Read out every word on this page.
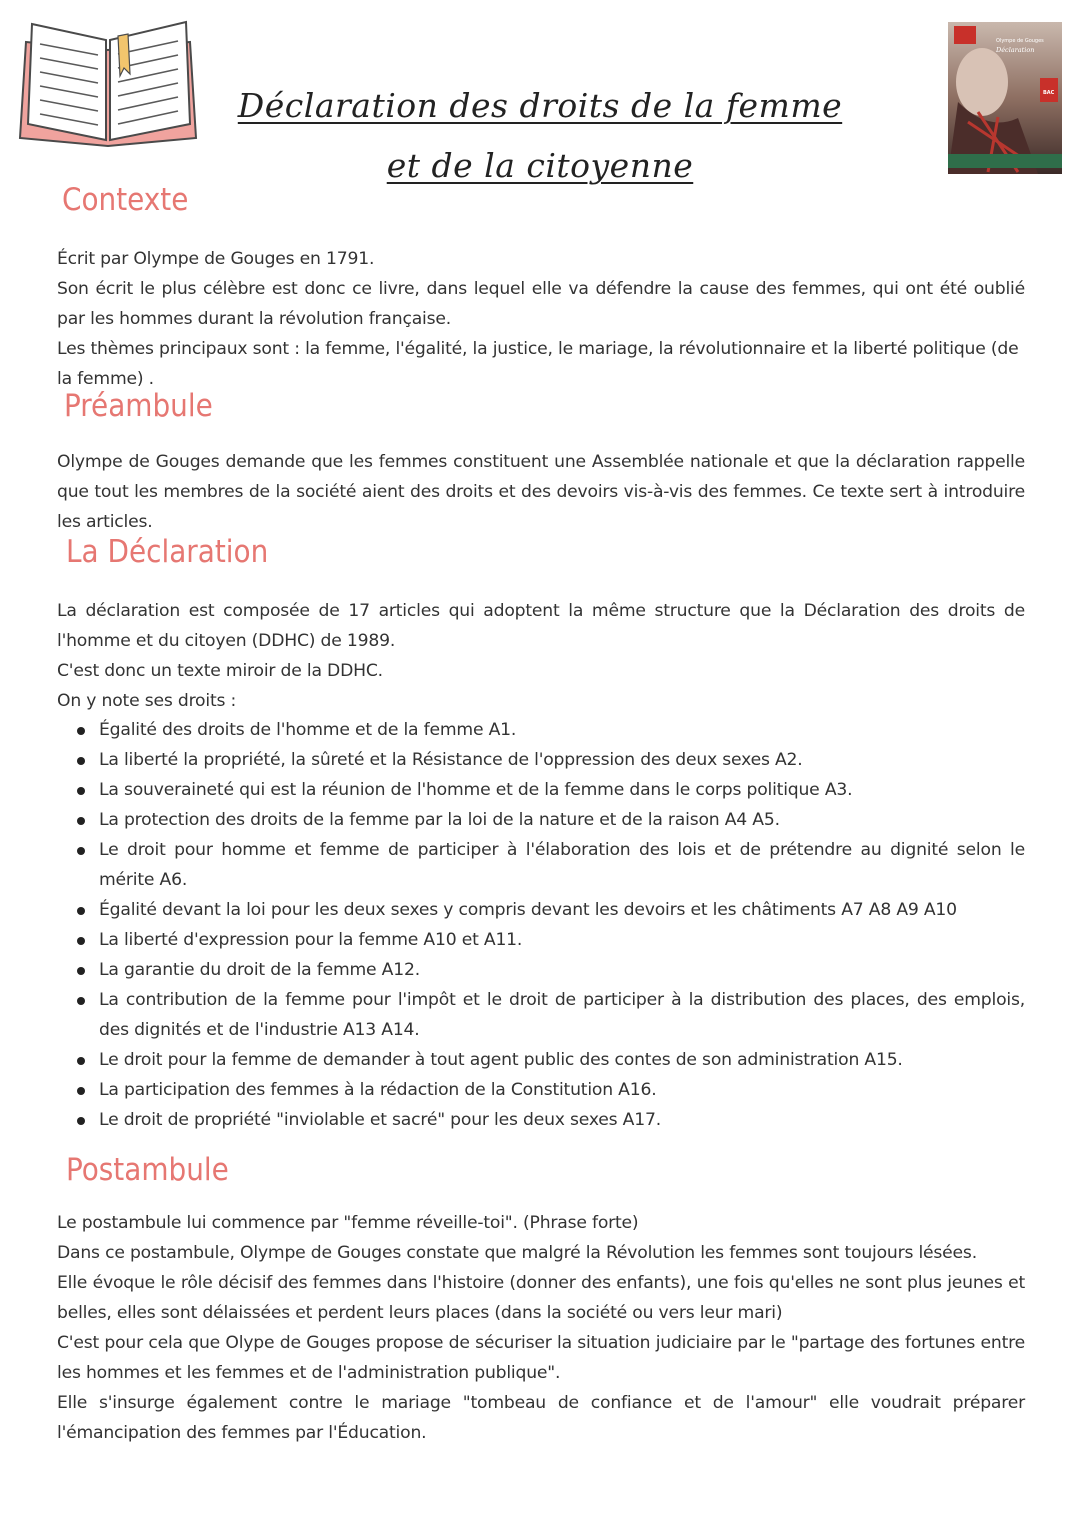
Olympe de Gouges
Déclaration
BAC
Déclaration des droits de la femme
et de la citoyenne
Contexte

Écrit par Olympe de Gouges en 1791.

Son écrit le plus célèbre est donc ce livre, dans lequel elle va défendre la cause des femmes, qui ont été oublié par les hommes durant la révolution française.

Les thèmes principaux sont : la femme, l'égalité, la justice, le mariage, la révolutionnaire et la liberté politique (de la femme) .

Préambule

Olympe de Gouges demande que les femmes constituent une Assemblée nationale et que la déclaration rappelle que tout les membres de la société aient des droits et des devoirs vis-à-vis des femmes. Ce texte sert à introduire les articles.

La Déclaration

La déclaration est composée de 17 articles qui adoptent la même structure que la Déclaration des droits de l'homme et du citoyen (DDHC) de 1989.

C'est donc un texte miroir de la DDHC.

On y note ses droits :

Égalité des droits de l'homme et de la femme A1.
La liberté la propriété, la sûreté et la Résistance de l'oppression des deux sexes A2.
La souveraineté qui est la réunion de l'homme et de la femme dans le corps politique A3.
La protection des droits de la femme par la loi de la nature et de la raison A4 A5.
Le droit pour homme et femme de participer à l'élaboration des lois et de prétendre au dignité selon le mérite A6.
Égalité devant la loi pour les deux sexes y compris devant les devoirs et les châtiments A7 A8 A9 A10
La liberté d'expression pour la femme A10 et A11.
La garantie du droit de la femme A12.
La contribution de la femme pour l'impôt et le droit de participer à la distribution des places, des emplois, des dignités et de l'industrie A13 A14.
Le droit pour la femme de demander à tout agent public des contes de son administration A15.
La participation des femmes à la rédaction de la Constitution A16.
Le droit de propriété "inviolable et sacré" pour les deux sexes A17.
Postambule

Le postambule lui commence par "femme réveille-toi". (Phrase forte)

Dans ce postambule, Olympe de Gouges constate que malgré la Révolution les femmes sont toujours lésées.

Elle évoque le rôle décisif des femmes dans l'histoire (donner des enfants), une fois qu'elles ne sont plus jeunes et belles, elles sont délaissées et perdent leurs places (dans la société ou vers leur mari)

C'est pour cela que Olype de Gouges propose de sécuriser la situation judiciaire par le "partage des fortunes entre les hommes et les femmes et de l'administration publique".

Elle s'insurge également contre le mariage "tombeau de confiance et de l'amour" elle voudrait préparer l'émancipation des femmes par l'Éducation.
